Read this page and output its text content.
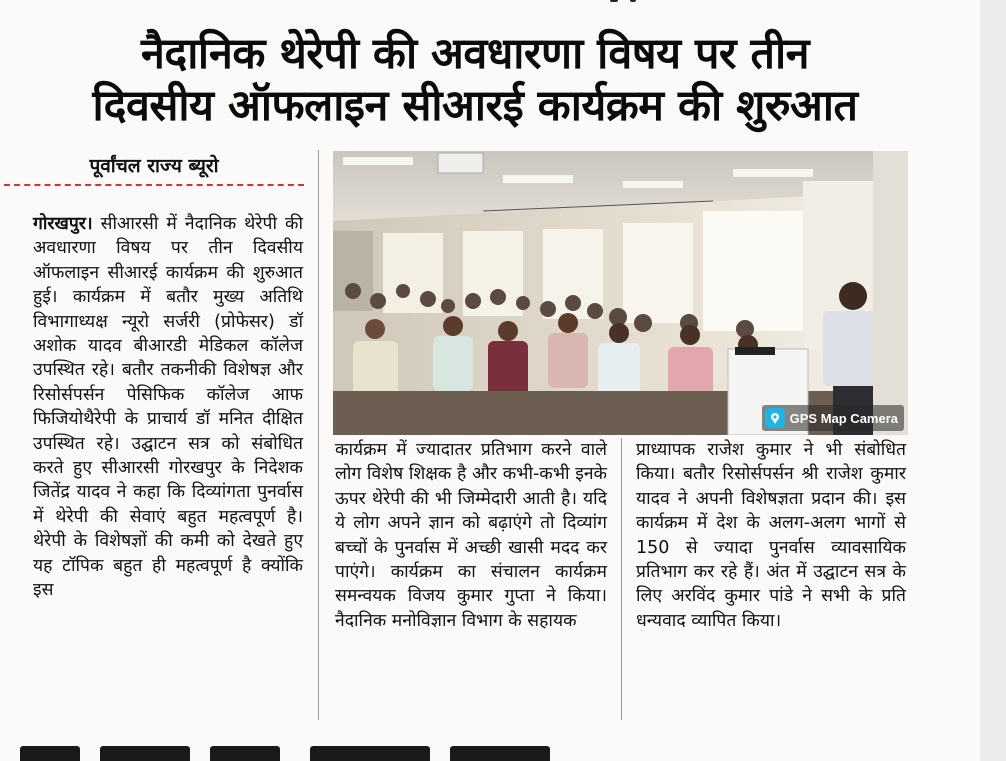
नैदानिक थेरेपी की अवधारणा विषय पर तीन
दिवसीय ऑफलाइन सीआरई कार्यक्रम की शुरुआत
पूर्वांचल राज्य ब्यूरो
गोरखपुर। सीआरसी में नैदानिक थेरेपी की अवधारणा विषय पर तीन दिवसीय ऑफलाइन सीआरई कार्यक्रम की शुरुआत हुई। कार्यक्रम में बतौर मुख्य अतिथि विभागाध्यक्ष न्यूरो सर्जरी (प्रोफेसर) डॉ अशोक यादव बीआरडी मेडिकल कॉलेज उपस्थित रहे। बतौर तकनीकी विशेषज्ञ और रिसोर्सपर्सन पेसिफिक कॉलेज आफ फिजियोथैरेपी के प्राचार्य डॉ मनित दीक्षित उपस्थित रहे। उद्घाटन सत्र को संबोधित करते हुए सीआरसी गोरखपुर के निदेशक जितेंद्र यादव ने कहा कि दिव्यांगता पुनर्वास में थेरेपी की सेवाएं बहुत महत्वपूर्ण है। थेरेपी के विशेषज्ञों की कमी को देखते हुए यह टॉपिक बहुत ही महत्वपूर्ण है क्योंकि इस
GPS Map Camera
कार्यक्रम में ज्यादातर प्रतिभाग करने वाले लोग विशेष शिक्षक है और कभी-कभी इनके ऊपर थेरेपी की भी जिम्मेदारी आती है। यदि ये लोग अपने ज्ञान को बढ़ाएंगे तो दिव्यांग बच्चों के पुनर्वास में अच्छी खासी मदद कर पाएंगे। कार्यक्रम का संचालन कार्यक्रम समन्वयक विजय कुमार गुप्ता ने किया। नैदानिक मनोविज्ञान विभाग के सहायक
प्राध्यापक राजेश कुमार ने भी संबोधित किया। बतौर रिसोर्सपर्सन श्री राजेश कुमार यादव ने अपनी विशेषज्ञता प्रदान की। इस कार्यक्रम में देश के अलग-अलग भागों से 150 से ज्यादा पुनर्वास व्यावसायिक प्रतिभाग कर रहे हैं। अंत में उद्घाटन सत्र के लिए अरविंद कुमार पांडे ने सभी के प्रति धन्यवाद व्यापित किया।
